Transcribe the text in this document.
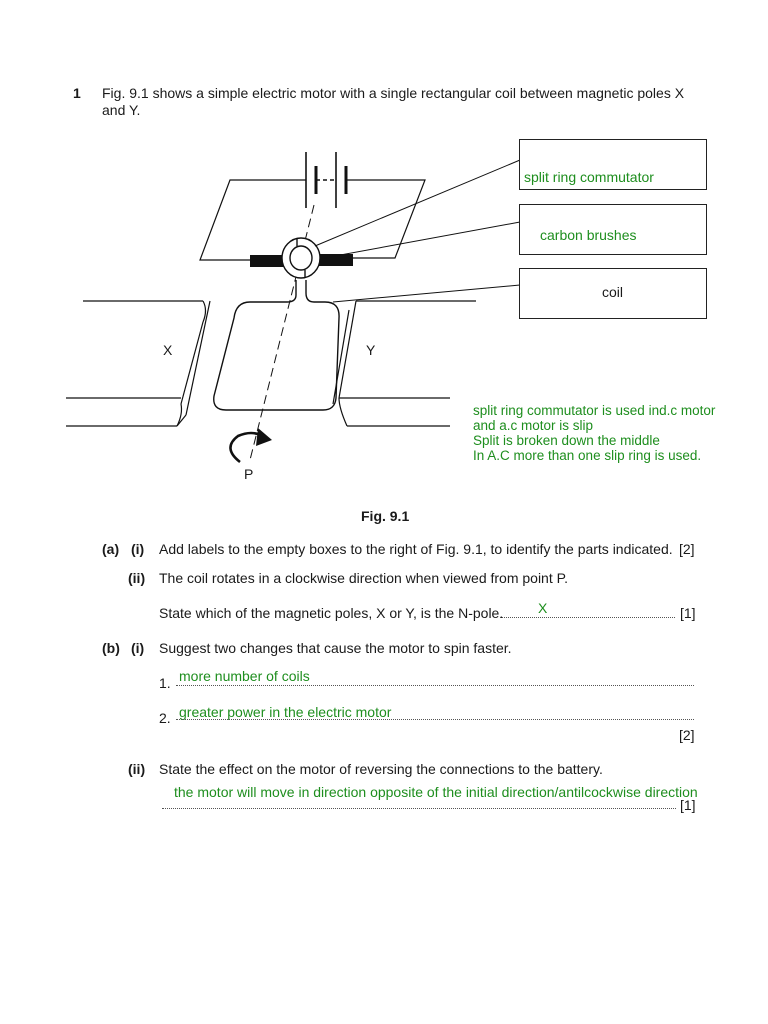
1 Fig. 9.1 shows a simple electric motor with a single rectangular coil between magnetic poles X
and Y.
X	Y
P
split ring commutator
carbon brushes
coil
split ring commutator is used ind.c motor
and a.c motor is slip
Split is broken down the middle
In A.C more than one slip ring is used.
Fig. 9.1
(a) (i) Add labels to the empty boxes to the right of Fig. 9.1, to identify the parts indicated. [2]
(ii) The coil rotates in a clockwise direction when viewed from point P.
State which of the magnetic poles, X or Y, is the N-pole. X	[1]
(b) (i) Suggest two changes that cause the motor to spin faster.
1. more number of coils
2. greater power in the electric motor
[2]
(ii) State the effect on the motor of reversing the connections to the battery.
the motor will move in direction opposite of the initial direction/antilcockwise direction
[1]
